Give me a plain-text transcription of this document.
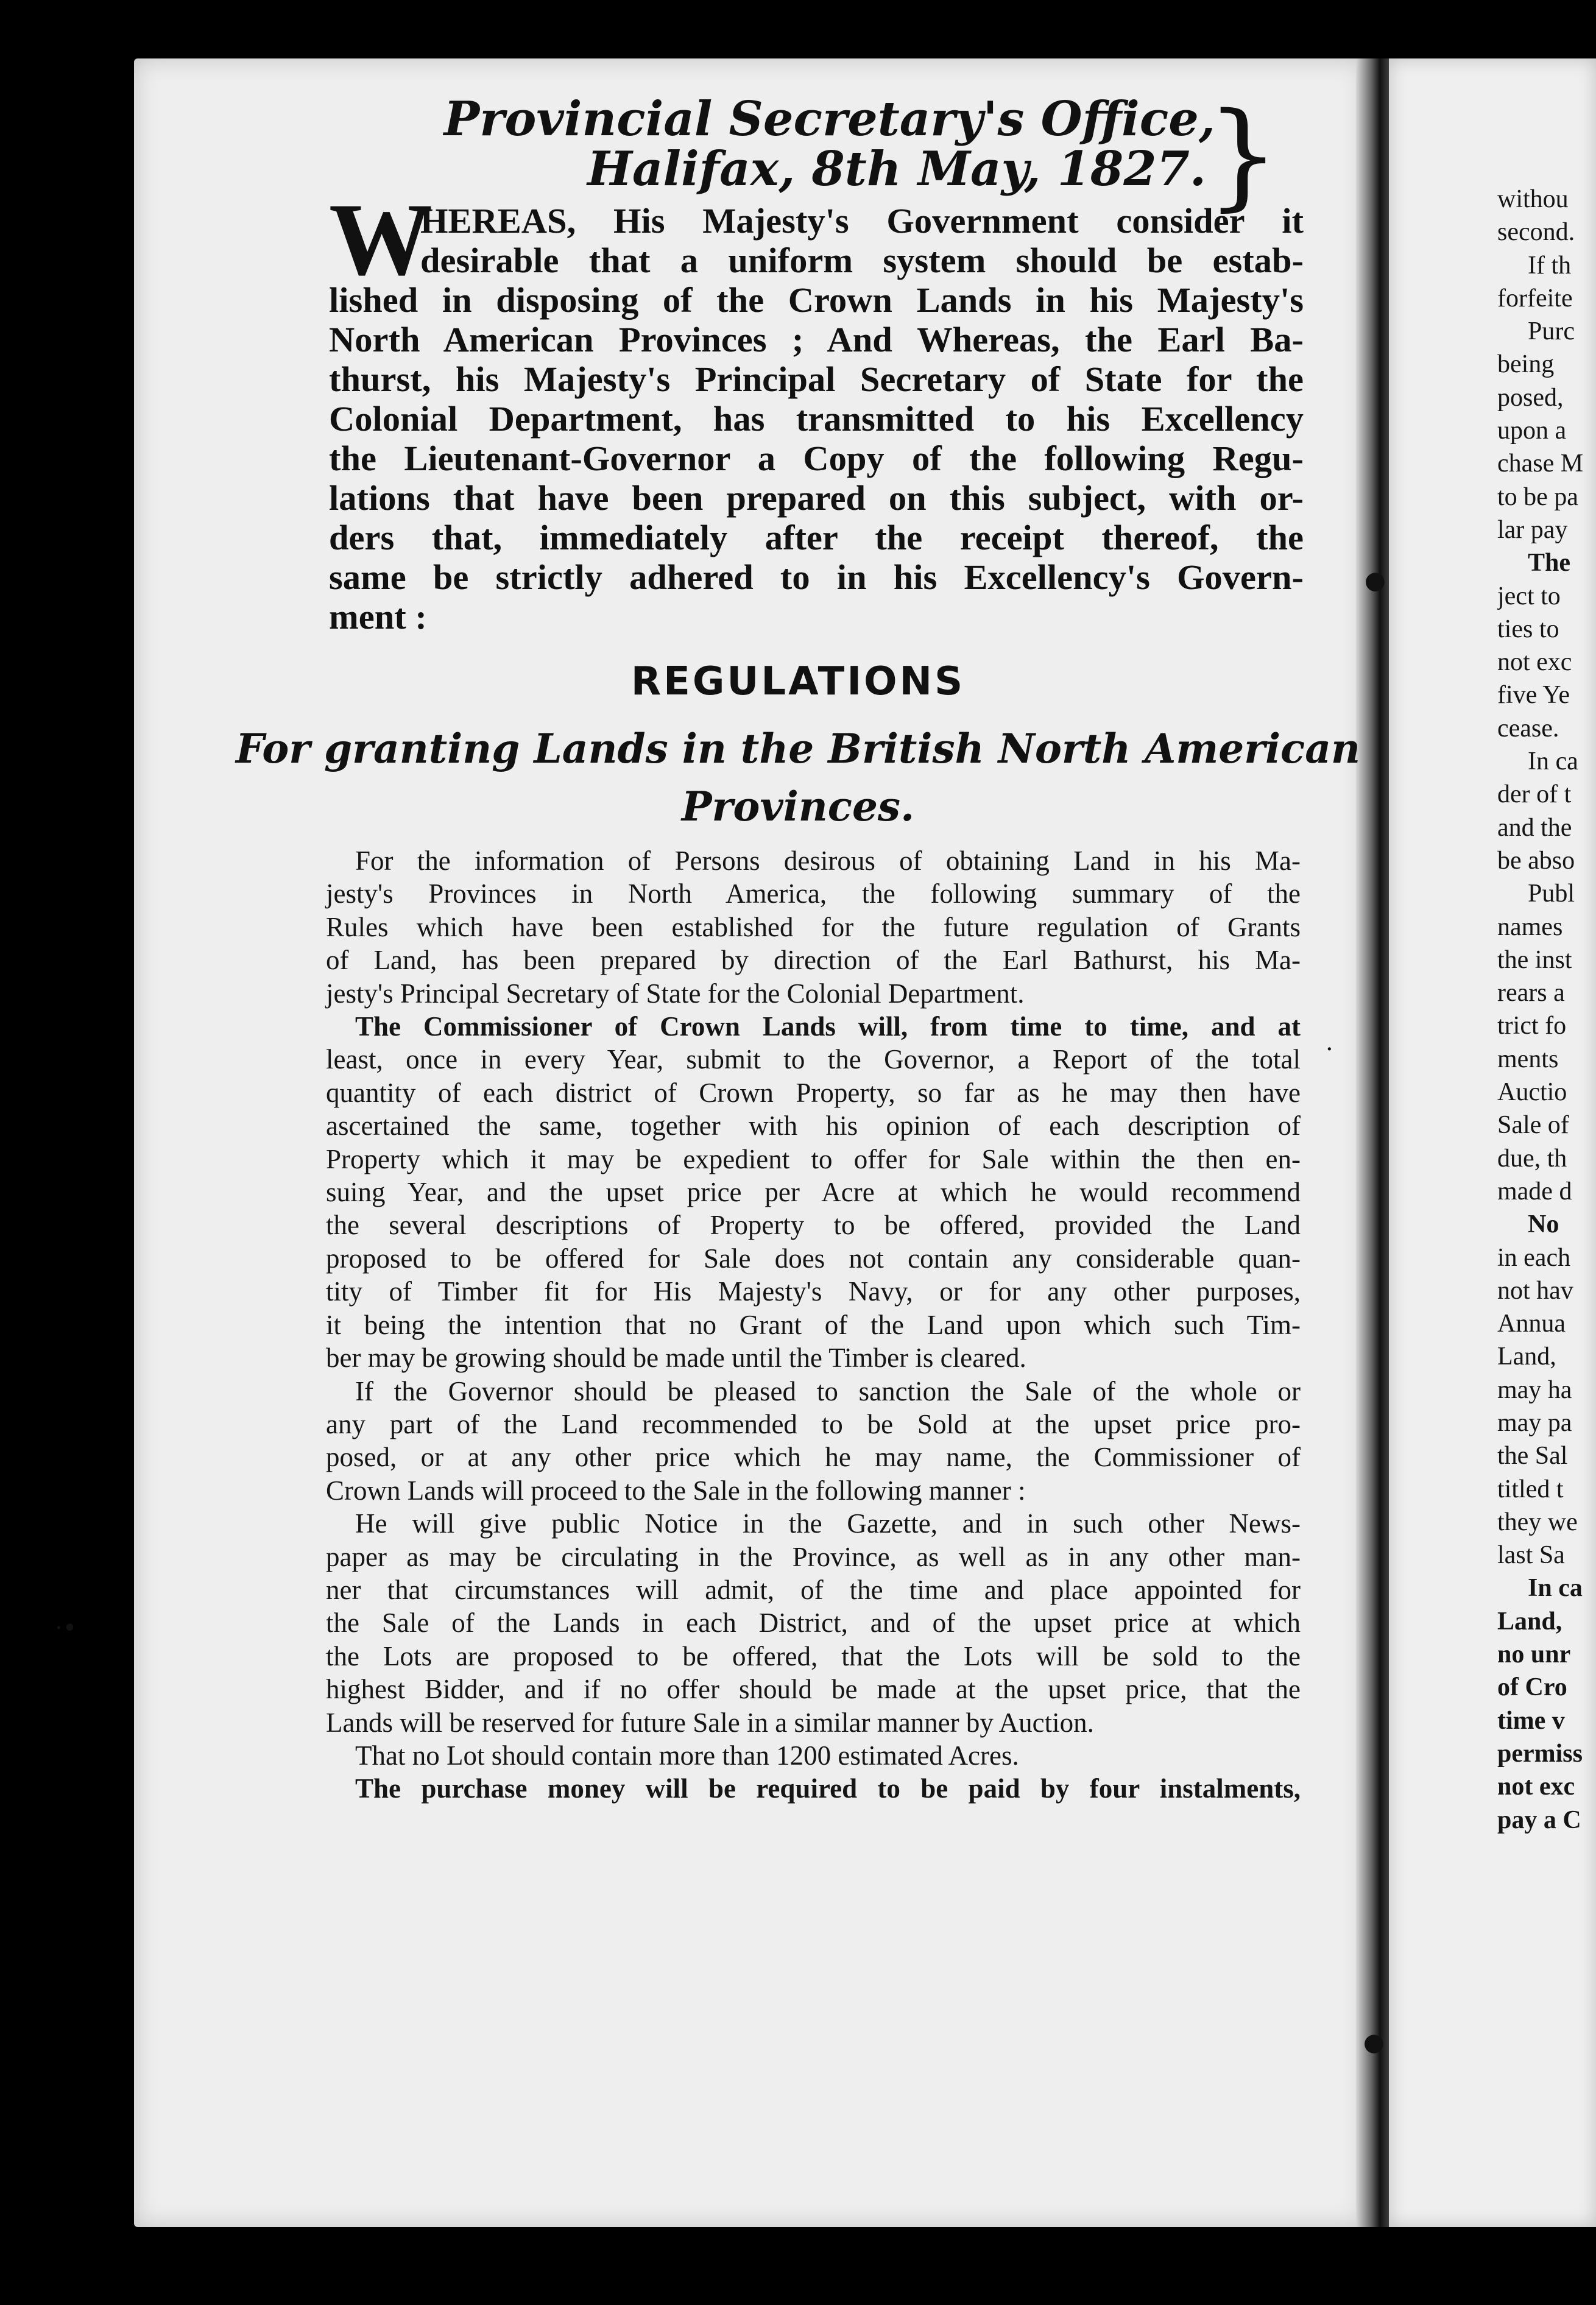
Provincial Secretary's Office,
Halifax, 8th May, 1827. }
W
HEREAS, His Majesty's Government consider it
desirable that a uniform system should be estab-
lished in disposing of the Crown Lands in his Majesty's
North American Provinces ; And Whereas, the Earl Ba-
thurst, his Majesty's Principal Secretary of State for the
Colonial Department, has transmitted to his Excellency
the Lieutenant-Governor a Copy of the following Regu-
lations that have been prepared on this subject, with or-
ders that, immediately after the receipt thereof, the
same be strictly adhered to in his Excellency's Govern-
ment :
REGULATIONS
For granting Lands in the British North American
Provinces.
For the information of Persons desirous of obtaining Land in his Ma-
jesty's Provinces in North America, the following summary of the
Rules which have been established for the future regulation of Grants
of Land, has been prepared by direction of the Earl Bathurst, his Ma-
jesty's Principal Secretary of State for the Colonial Department.
The Commissioner of Crown Lands will, from time to time, and at
least, once in every Year, submit to the Governor, a Report of the total
quantity of each district of Crown Property, so far as he may then have
ascertained the same, together with his opinion of each description of
Property which it may be expedient to offer for Sale within the then en-
suing Year, and the upset price per Acre at which he would recommend
the several descriptions of Property to be offered, provided the Land
proposed to be offered for Sale does not contain any considerable quan-
tity of Timber fit for His Majesty's Navy, or for any other purposes,
it being the intention that no Grant of the Land upon which such Tim-
ber may be growing should be made until the Timber is cleared.
If the Governor should be pleased to sanction the Sale of the whole or
any part of the Land recommended to be Sold at the upset price pro-
posed, or at any other price which he may name, the Commissioner of
Crown Lands will proceed to the Sale in the following manner :
He will give public Notice in the Gazette, and in such other News-
paper as may be circulating in the Province, as well as in any other man-
ner that circumstances will admit, of the time and place appointed for
the Sale of the Lands in each District, and of the upset price at which
the Lots are proposed to be offered, that the Lots will be sold to the
highest Bidder, and if no offer should be made at the upset price, that the
Lands will be reserved for future Sale in a similar manner by Auction.
That no Lot should contain more than 1200 estimated Acres.
The purchase money will be required to be paid by four instalments,
withou
second.
If th
forfeite
Purc
being
posed,
upon a
chase M
to be pa
lar pay
The
ject to
ties to
not exc
five Ye
cease.
In ca
der of t
and the
be abso
Publ
names
the inst
rears a
trict fo
ments
Auctio
Sale of
due, th
made d
No
in each
not hav
Annua
Land,
may ha
may pa
the Sal
titled t
they we
last Sa
In ca
Land,
no unr
of Cro
time v
permiss
not exc
pay a C
●
·
·•
●
